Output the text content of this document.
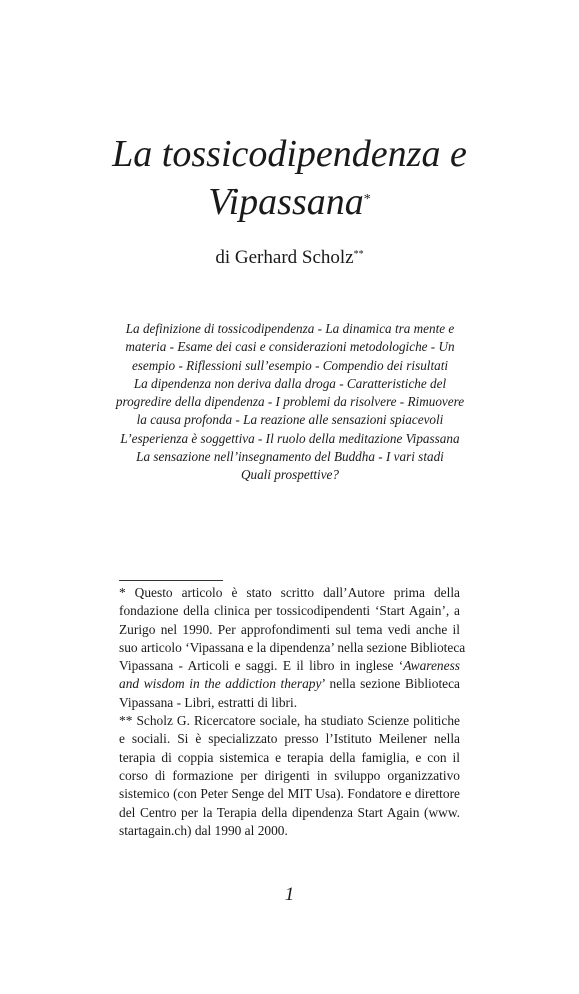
La tossicodipendenza e
Vipassana*
di Gerhard Scholz**
La definizione di tossicodipendenza - La dinamica tra mente e
materia - Esame dei casi e considerazioni metodologiche - Un
esempio - Riflessioni sull’esempio - Compendio dei risultati
La dipendenza non deriva dalla droga - Caratteristiche del
progredire della dipendenza - I problemi da risolvere - Rimuovere
la causa profonda - La reazione alle sensazioni spiacevoli
L’esperienza è soggettiva - Il ruolo della meditazione Vipassana
La sensazione nell’insegnamento del Buddha - I vari stadi
Quali prospettive?
* Questo articolo è stato scritto dall’Autore prima della
fondazione della clinica per tossicodipendenti ‘Start Again’, a
Zurigo nel 1990. Per approfondimenti sul tema vedi anche il
suo articolo ‘Vipassana e la dipendenza’ nella sezione Biblioteca
Vipassana - Articoli e saggi. E il libro in inglese ‘Awareness
and wisdom in the addiction therapy’ nella sezione Biblioteca
Vipassana - Libri, estratti di libri.
** Scholz G. Ricercatore sociale, ha studiato Scienze politiche
e sociali. Si è specializzato presso l’Istituto Meilener nella
terapia di coppia sistemica e terapia della famiglia, e con il
corso di formazione per dirigenti in sviluppo organizzativo
sistemico (con Peter Senge del MIT Usa). Fondatore e direttore
del Centro per la Terapia della dipendenza Start Again (www.
startagain.ch) dal 1990 al 2000.
1
